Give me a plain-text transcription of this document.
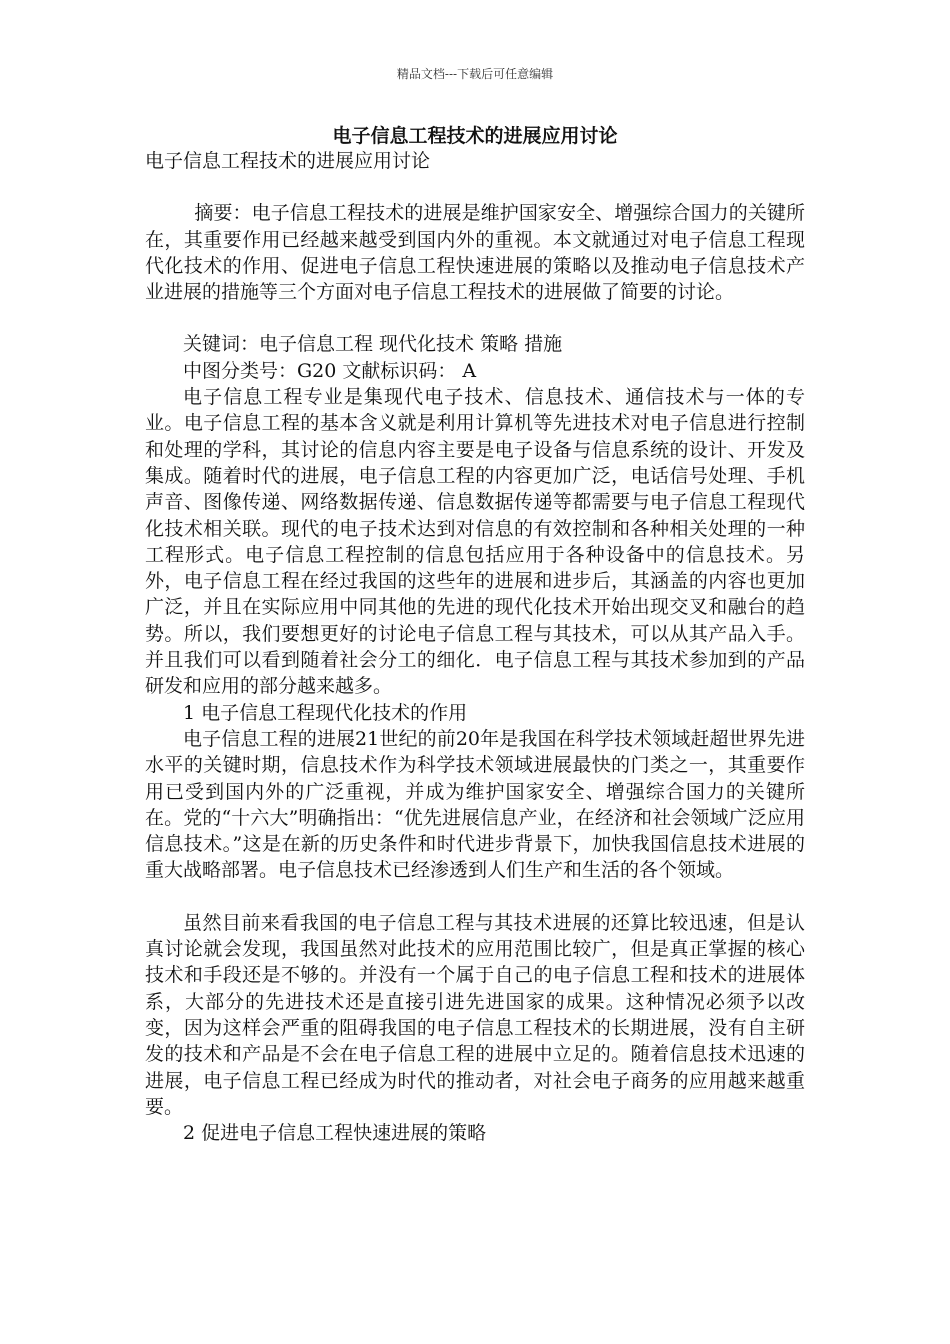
精品文档---下载后可任意编辑
电子信息工程技术的进展应用讨论

电子信息工程技术的进展应用讨论

摘要：电子信息工程技术的进展是维护国家安全、增强综合国力的关键所在，其重要作用已经越来越受到国内外的重视。本文就通过对电子信息工程现代化技术的作用、促进电子信息工程快速进展的策略以及推动电子信息技术产业进展的措施等三个方面对电子信息工程技术的进展做了简要的讨论。

关键词：电子信息工程 现代化技术 策略 措施

中图分类号：G20 文献标识码： A

电子信息工程专业是集现代电子技术、信息技术、通信技术与一体的专业。电子信息工程的基本含义就是利用计算机等先进技术对电子信息进行控制和处理的学科，其讨论的信息内容主要是电子设备与信息系统的设计、开发及集成。随着时代的进展，电子信息工程的内容更加广泛，电话信号处理、手机声音、图像传递、网络数据传递、信息数据传递等都需要与电子信息工程现代化技术相关联。现代的电子技术达到对信息的有效控制和各种相关处理的一种工程形式。电子信息工程控制的信息包括应用于各种设备中的信息技术。另外，电子信息工程在经过我国的这些年的进展和进步后，其涵盖的内容也更加广泛，并且在实际应用中同其他的先进的现代化技术开始出现交叉和融台的趋势。所以，我们要想更好的讨论电子信息工程与其技术，可以从其产品入手。并且我们可以看到随着社会分工的细化．电子信息工程与其技术参加到的产品研发和应用的部分越来越多。

1 电子信息工程现代化技术的作用

电子信息工程的进展21世纪的前20年是我国在科学技术领域赶超世界先进水平的关键时期，信息技术作为科学技术领域进展最快的门类之一，其重要作用已受到国内外的广泛重视，并成为维护国家安全、增强综合国力的关键所在。党的“十六大”明确指出：“优先进展信息产业，在经济和社会领域广泛应用信息技术。”这是在新的历史条件和时代进步背景下，加快我国信息技术进展的重大战略部署。电子信息技术已经渗透到人们生产和生活的各个领域。

虽然目前来看我国的电子信息工程与其技术进展的还算比较迅速，但是认真讨论就会发现，我国虽然对此技术的应用范围比较广，但是真正掌握的核心技术和手段还是不够的。并没有一个属于自己的电子信息工程和技术的进展体系，大部分的先进技术还是直接引进先进国家的成果。这种情况必须予以改变，因为这样会严重的阻碍我国的电子信息工程技术的长期进展，没有自主研发的技术和产品是不会在电子信息工程的进展中立足的。随着信息技术迅速的进展，电子信息工程已经成为时代的推动者，对社会电子商务的应用越来越重要。

2 促进电子信息工程快速进展的策略
